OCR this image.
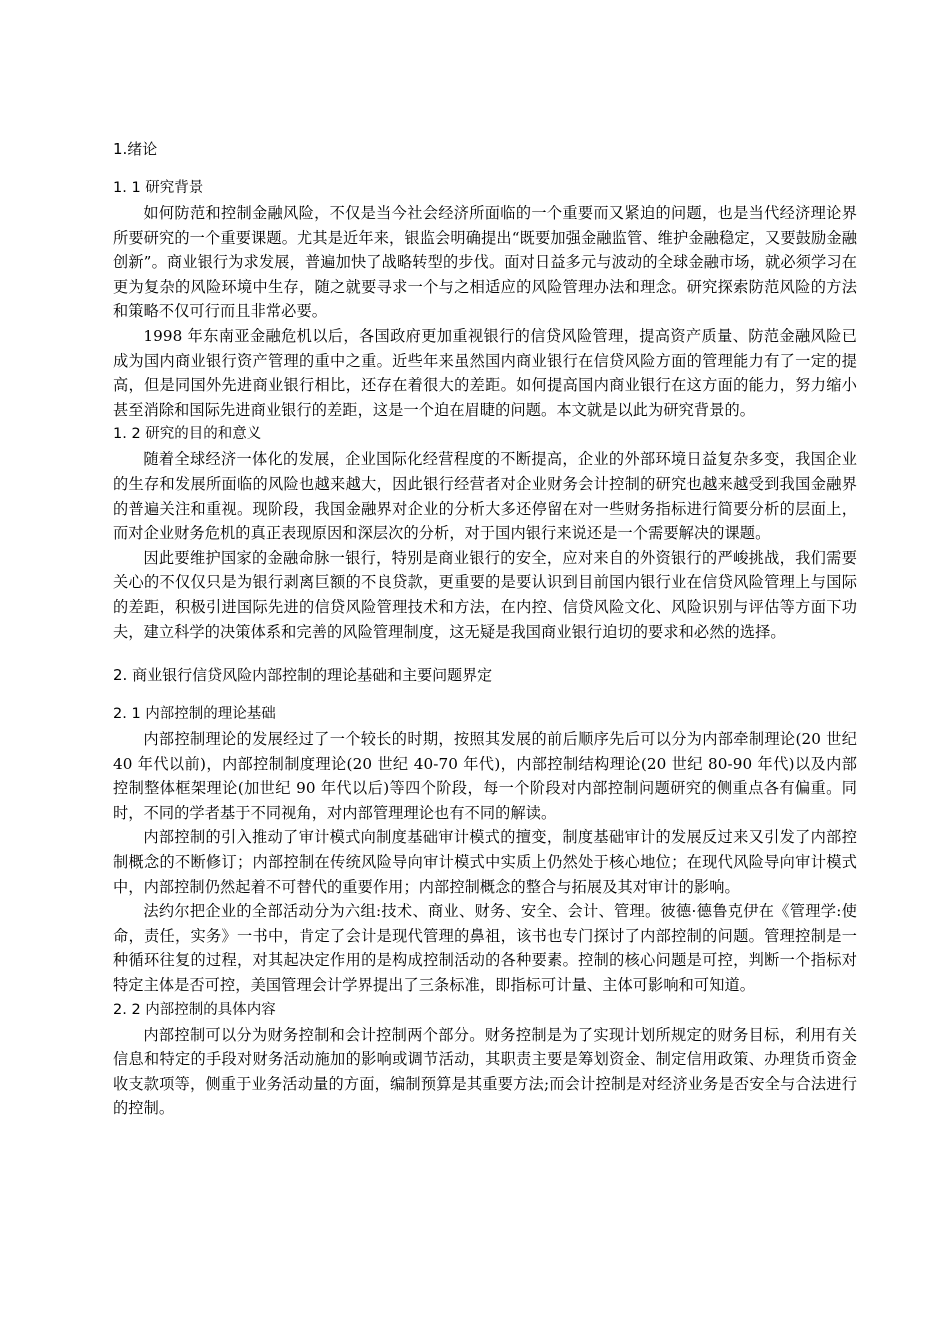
1.绪论
1. 1 研究背景

如何防范和控制金融风险，不仅是当今社会经济所面临的一个重要而又紧迫的问题，也是当代经济理论界所要研究的一个重要课题。尤其是近年来，银监会明确提出“既要加强金融监管、维护金融稳定，又要鼓励金融创新”。商业银行为求发展，普遍加快了战略转型的步伐。面对日益多元与波动的全球金融市场，就必须学习在更为复杂的风险环境中生存，随之就要寻求一个与之相适应的风险管理办法和理念。研究探索防范风险的方法和策略不仅可行而且非常必要。

1998 年东南亚金融危机以后，各国政府更加重视银行的信贷风险管理，提高资产质量、防范金融风险已成为国内商业银行资产管理的重中之重。近些年来虽然国内商业银行在信贷风险方面的管理能力有了一定的提高，但是同国外先进商业银行相比，还存在着很大的差距。如何提高国内商业银行在这方面的能力，努力缩小甚至消除和国际先进商业银行的差距，这是一个迫在眉睫的问题。本文就是以此为研究背景的。

1. 2 研究的目的和意义

随着全球经济一体化的发展，企业国际化经营程度的不断提高，企业的外部环境日益复杂多变，我国企业的生存和发展所面临的风险也越来越大，因此银行经营者对企业财务会计控制的研究也越来越受到我国金融界的普遍关注和重视。现阶段，我国金融界对企业的分析大多还停留在对一些财务指标进行简要分析的层面上，而对企业财务危机的真正表现原因和深层次的分析，对于国内银行来说还是一个需要解决的课题。

因此要维护国家的金融命脉一银行，特别是商业银行的安全，应对来自的外资银行的严峻挑战，我们需要关心的不仅仅只是为银行剥离巨额的不良贷款，更重要的是要认识到目前国内银行业在信贷风险管理上与国际的差距，积极引进国际先进的信贷风险管理技术和方法，在内控、信贷风险文化、风险识别与评估等方面下功夫，建立科学的决策体系和完善的风险管理制度，这无疑是我国商业银行迫切的要求和必然的选择。

2. 商业银行信贷风险内部控制的理论基础和主要问题界定
2. 1 内部控制的理论基础

内部控制理论的发展经过了一个较长的时期，按照其发展的前后顺序先后可以分为内部牵制理论(20 世纪 40 年代以前)，内部控制制度理论(20 世纪 40-70 年代)，内部控制结构理论(20 世纪 80-90 年代)以及内部控制整体框架理论(加世纪 90 年代以后)等四个阶段，每一个阶段对内部控制问题研究的侧重点各有偏重。同时，不同的学者基于不同视角，对内部管理理论也有不同的解读。

内部控制的引入推动了审计模式向制度基础审计模式的擅变，制度基础审计的发展反过来又引发了内部控制概念的不断修订；内部控制在传统风险导向审计模式中实质上仍然处于核心地位；在现代风险导向审计模式中，内部控制仍然起着不可替代的重要作用；内部控制概念的整合与拓展及其对审计的影响。

法约尔把企业的全部活动分为六组:技术、商业、财务、安全、会计、管理。彼德·德鲁克伊在《管理学:使命，责任，实务》一书中，肯定了会计是现代管理的鼻祖，该书也专门探讨了内部控制的问题。管理控制是一种循环往复的过程，对其起决定作用的是构成控制活动的各种要素。控制的核心问题是可控，判断一个指标对特定主体是否可控，美国管理会计学界提出了三条标准，即指标可计量、主体可影响和可知道。

2. 2 内部控制的具体内容

内部控制可以分为财务控制和会计控制两个部分。财务控制是为了实现计划所规定的财务目标，利用有关信息和特定的手段对财务活动施加的影响或调节活动，其职责主要是筹划资金、制定信用政策、办理货币资金收支款项等，侧重于业务活动量的方面，编制预算是其重要方法;而会计控制是对经济业务是否安全与合法进行的控制。
